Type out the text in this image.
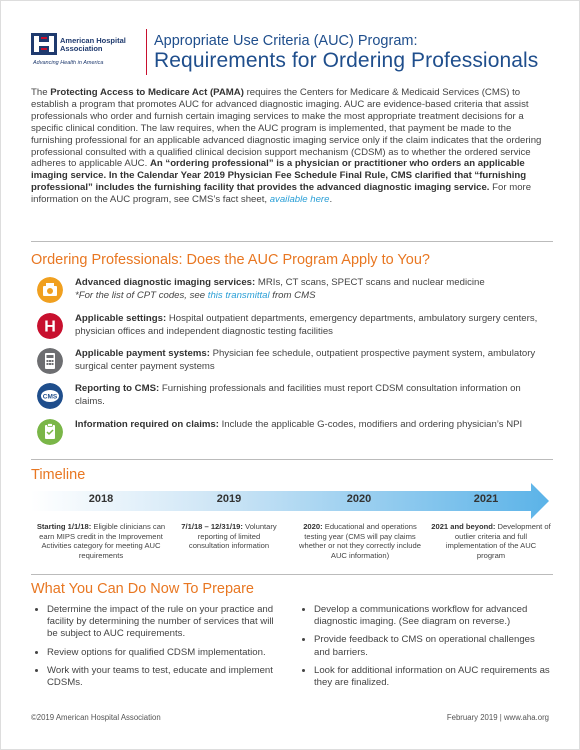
American Hospital Association
Advancing Health in America
Appropriate Use Criteria (AUC) Program:
Requirements for Ordering Professionals
The Protecting Access to Medicare Act (PAMA) requires the Centers for Medicare & Medicaid Services (CMS) to establish a program that promotes AUC for advanced diagnostic imaging. AUC are evidence-based criteria that assist professionals who order and furnish certain imaging services to make the most appropriate treatment decisions for a specific clinical condition. The law requires, when the AUC program is implemented, that payment be made to the furnishing professional for an applicable advanced diagnostic imaging service only if the claim indicates that the ordering professional consulted with a qualified clinical decision support mechanism (CDSM) as to whether the ordered service adheres to applicable AUC. An “ordering professional” is a physician or practitioner who orders an applicable imaging service. In the Calendar Year 2019 Physician Fee Schedule Final Rule, CMS clarified that “furnishing professional” includes the furnishing facility that provides the advanced diagnostic imaging service. For more information on the AUC program, see CMS’s fact sheet, available here.
Ordering Professionals: Does the AUC Program Apply to You?
Advanced diagnostic imaging services: MRIs, CT scans, SPECT scans and nuclear medicine
*For the list of CPT codes, see this transmittal from CMS
H Applicable settings: Hospital outpatient departments, emergency departments, ambulatory surgery centers, physician offices and independent diagnostic testing facilities
Applicable payment systems: Physician fee schedule, outpatient prospective payment system, ambulatory surgical center payment systems
CMS
Reporting to CMS: Furnishing professionals and facilities must report CDSM consultation information on claims.
Information required on claims: Include the applicable G-codes, modifiers and ordering physician’s NPI
Timeline
2018	2019	2020	2021
Starting 1/1/18: Eligible clinicians can earn MIPS credit in the Improvement Activities category for meeting AUC requirements
7/1/18 – 12/31/19: Voluntary reporting of limited consultation information
2020: Educational and operations testing year (CMS will pay claims whether or not they correctly include AUC information)
2021 and beyond: Development of outlier criteria and full implementation of the AUC program
What You Can Do Now To Prepare
• Determine the impact of the rule on your practice and facility by determining the number of services that will be subject to AUC requirements.
• Review options for qualified CDSM implementation.
• Work with your teams to test, educate and implement CDSMs.
• Develop a communications workflow for advanced diagnostic imaging. (See diagram on reverse.)
• Provide feedback to CMS on operational challenges and barriers.
• Look for additional information on AUC requirements as they are finalized.
©2019 American Hospital Association	February 2019 | www.aha.org
